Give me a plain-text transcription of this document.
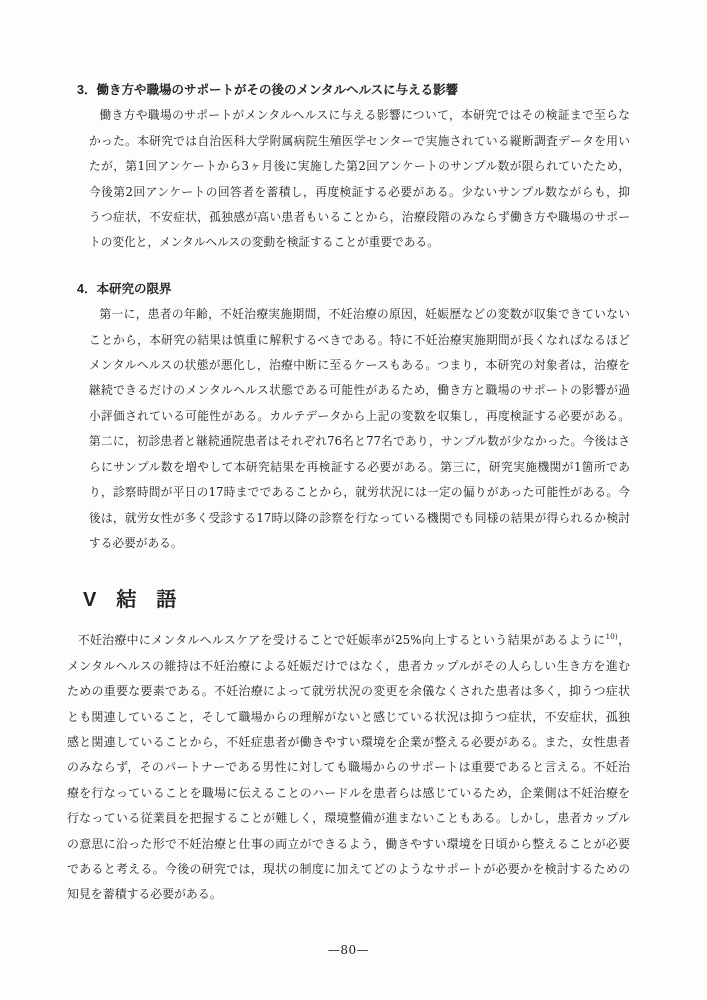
3．働き方や職場のサポートがその後のメンタルヘルスに与える影響
働き方や職場のサポートがメンタルヘルスに与える影響について，本研究ではその検証まで至らな
かった。本研究では自治医科大学附属病院生殖医学センターで実施されている縦断調査データを用い
たが，第1回アンケートから3ヶ月後に実施した第2回アンケートのサンプル数が限られていたため，
今後第2回アンケートの回答者を蓄積し，再度検証する必要がある。少ないサンプル数ながらも，抑
うつ症状，不安症状，孤独感が高い患者もいることから，治療段階のみならず働き方や職場のサポー
トの変化と，メンタルヘルスの変動を検証することが重要である。
4．本研究の限界
第一に，患者の年齢，不妊治療実施期間，不妊治療の原因，妊娠歴などの変数が収集できていない
ことから，本研究の結果は慎重に解釈するべきである。特に不妊治療実施期間が長くなればなるほど
メンタルヘルスの状態が悪化し，治療中断に至るケースもある。つまり，本研究の対象者は，治療を
継続できるだけのメンタルヘルス状態である可能性があるため，働き方と職場のサポートの影響が過
小評価されている可能性がある。カルテデータから上記の変数を収集し，再度検証する必要がある。
第二に，初診患者と継続通院患者はそれぞれ76名と77名であり，サンプル数が少なかった。今後はさ
らにサンプル数を増やして本研究結果を再検証する必要がある。第三に，研究実施機関が1箇所であ
り，診察時間が平日の17時までであることから，就労状況には一定の偏りがあった可能性がある。今
後は，就労女性が多く受診する17時以降の診察を行なっている機関でも同様の結果が得られるか検討
する必要がある。
V　結　語
不妊治療中にメンタルヘルスケアを受けることで妊娠率が25%向上するという結果があるように$^{10)}$，
メンタルヘルスの維持は不妊治療による妊娠だけではなく，患者カップルがその人らしい生き方を進む
ための重要な要素である。不妊治療によって就労状況の変更を余儀なくされた患者は多く，抑うつ症状
とも関連していること，そして職場からの理解がないと感じている状況は抑うつ症状，不安症状，孤独
感と関連していることから，不妊症患者が働きやすい環境を企業が整える必要がある。また，女性患者
のみならず，そのパートナーである男性に対しても職場からのサポートは重要であると言える。不妊治
療を行なっていることを職場に伝えることのハードルを患者らは感じているため，企業側は不妊治療を
行なっている従業員を把握することが難しく，環境整備が進まないこともある。しかし，患者カップル
の意思に沿った形で不妊治療と仕事の両立ができるよう，働きやすい環境を日頃から整えることが必要
であると考える。今後の研究では，現状の制度に加えてどのようなサポートが必要かを検討するための
知見を蓄積する必要がある。
—80—
